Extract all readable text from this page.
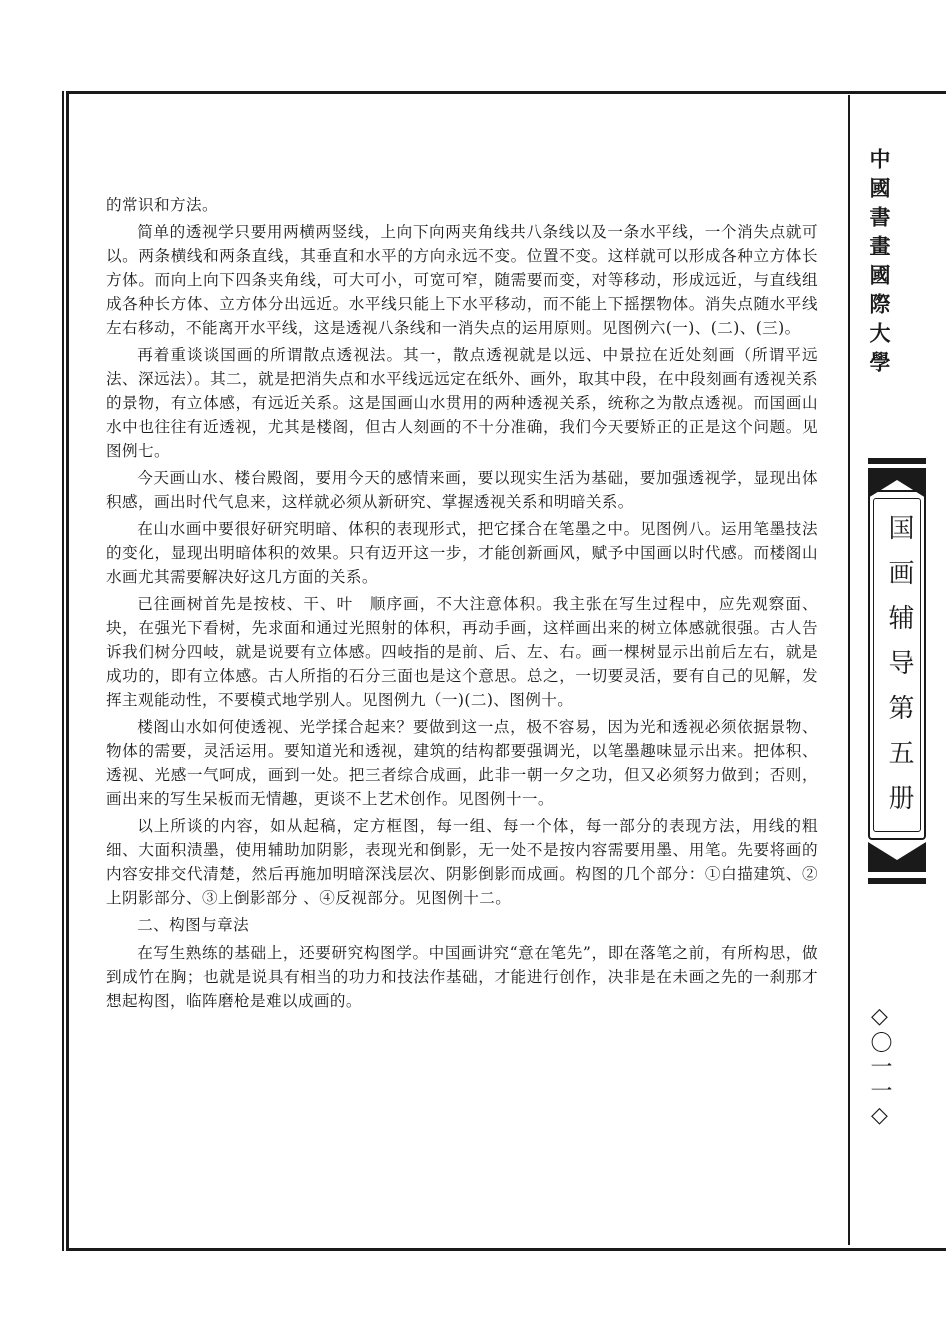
的常识和方法。

简单的透视学只要用两横两竖线，上向下向两夹角线共八条线以及一条水平线，一个消失点就可以。两条横线和两条直线，其垂直和水平的方向永远不变。位置不变。这样就可以形成各种立方体长方体。而向上向下四条夹角线，可大可小，可宽可窄，随需要而变，对等移动，形成远近，与直线组成各种长方体、立方体分出远近。水平线只能上下水平移动，而不能上下摇摆物体。消失点随水平线左右移动，不能离开水平线，这是透视八条线和一消失点的运用原则。见图例六(一)、(二)、(三)。

再着重谈谈国画的所谓散点透视法。其一，散点透视就是以远、中景拉在近处刻画（所谓平远法、深远法）。其二，就是把消失点和水平线远远定在纸外、画外，取其中段，在中段刻画有透视关系的景物，有立体感，有远近关系。这是国画山水贯用的两种透视关系，统称之为散点透视。而国画山水中也往往有近透视，尤其是楼阁，但古人刻画的不十分准确，我们今天要矫正的正是这个问题。见图例七。

今天画山水、楼台殿阁，要用今天的感情来画，要以现实生活为基础，要加强透视学，显现出体积感，画出时代气息来，这样就必须从新研究、掌握透视关系和明暗关系。

在山水画中要很好研究明暗、体积的表现形式，把它揉合在笔墨之中。见图例八。运用笔墨技法的变化，显现出明暗体积的效果。只有迈开这一步，才能创新画风，赋予中国画以时代感。而楼阁山水画尤其需要解决好这几方面的关系。

已往画树首先是按枝、干、叶　顺序画，不大注意体积。我主张在写生过程中，应先观察面、块，在强光下看树，先求面和通过光照射的体积，再动手画，这样画出来的树立体感就很强。古人告诉我们树分四岐，就是说要有立体感。四岐指的是前、后、左、右。画一棵树显示出前后左右，就是成功的，即有立体感。古人所指的石分三面也是这个意思。总之，一切要灵活，要有自己的见解，发挥主观能动性，不要模式地学别人。见图例九（一)(二)、图例十。

楼阁山水如何使透视、光学揉合起来？要做到这一点，极不容易，因为光和透视必须依据景物、物体的需要，灵活运用。要知道光和透视，建筑的结构都要强调光，以笔墨趣味显示出来。把体积、透视、光感一气呵成，画到一处。把三者综合成画，此非一朝一夕之功，但又必须努力做到；否则，画出来的写生呆板而无情趣，更谈不上艺术创作。见图例十一。

以上所谈的内容，如从起稿，定方框图，每一组、每一个体，每一部分的表现方法，用线的粗细、大面积渍墨，使用辅助加阴影，表现光和倒影，无一处不是按内容需要用墨、用笔。先要将画的内容安排交代清楚，然后再施加明暗深浅层次、阴影倒影而成画。构图的几个部分：①白描建筑、②上阴影部分、③上倒影部分 、④反视部分。见图例十二。

二、构图与章法

在写生熟练的基础上，还要研究构图学。中国画讲究“意在笔先”，即在落笔之前，有所构思，做到成竹在胸；也就是说具有相当的功力和技法作基础，才能进行创作，决非是在未画之先的一刹那才想起构图，临阵磨枪是难以成画的。

中國書畫國際大學
国画辅导第五册
◇〇一一◇
